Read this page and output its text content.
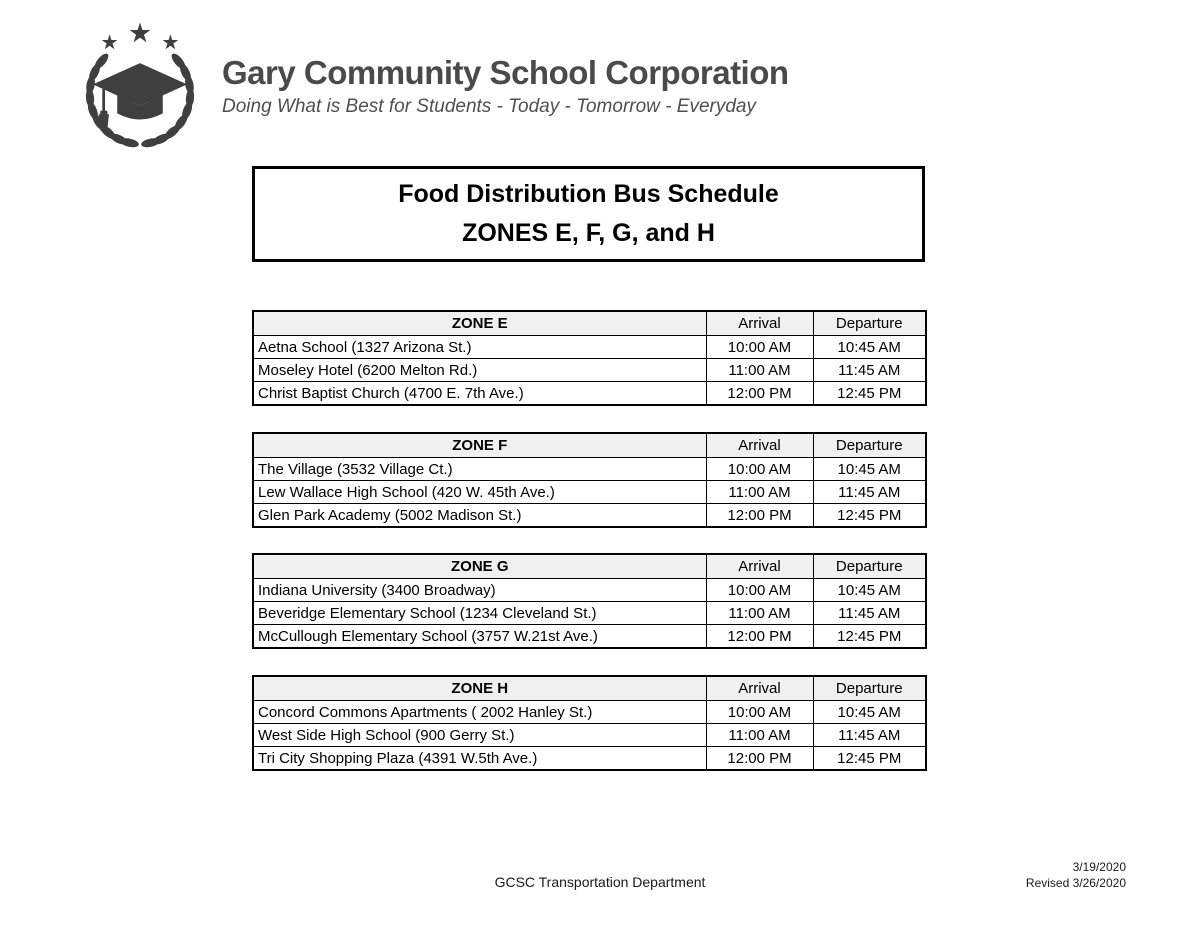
Gary Community School Corporation
Doing What is Best for Students - Today - Tomorrow - Everyday
Food Distribution Bus Schedule
ZONES E, F, G, and H
ZONE E	Arrival	Departure
Aetna School (1327 Arizona St.)	10:00 AM	10:45 AM
Moseley Hotel (6200 Melton Rd.)	11:00 AM	11:45 AM
Christ Baptist Church (4700 E. 7th Ave.)	12:00 PM	12:45 PM
ZONE F	Arrival	Departure
The Village (3532 Village Ct.)	10:00 AM	10:45 AM
Lew Wallace High School (420 W. 45th Ave.)	11:00 AM	11:45 AM
Glen Park Academy (5002 Madison St.)	12:00 PM	12:45 PM
ZONE G	Arrival	Departure
Indiana University (3400 Broadway)	10:00 AM	10:45 AM
Beveridge Elementary School (1234 Cleveland St.)	11:00 AM	11:45 AM
McCullough Elementary School (3757 W.21st Ave.)	12:00 PM	12:45 PM
ZONE H	Arrival	Departure
Concord Commons Apartments ( 2002 Hanley St.)	10:00 AM	10:45 AM
West Side High School (900 Gerry St.)	11:00 AM	11:45 AM
Tri City Shopping Plaza (4391 W.5th Ave.)	12:00 PM	12:45 PM
GCSC Transportation Department
3/19/2020
Revised 3/26/2020
